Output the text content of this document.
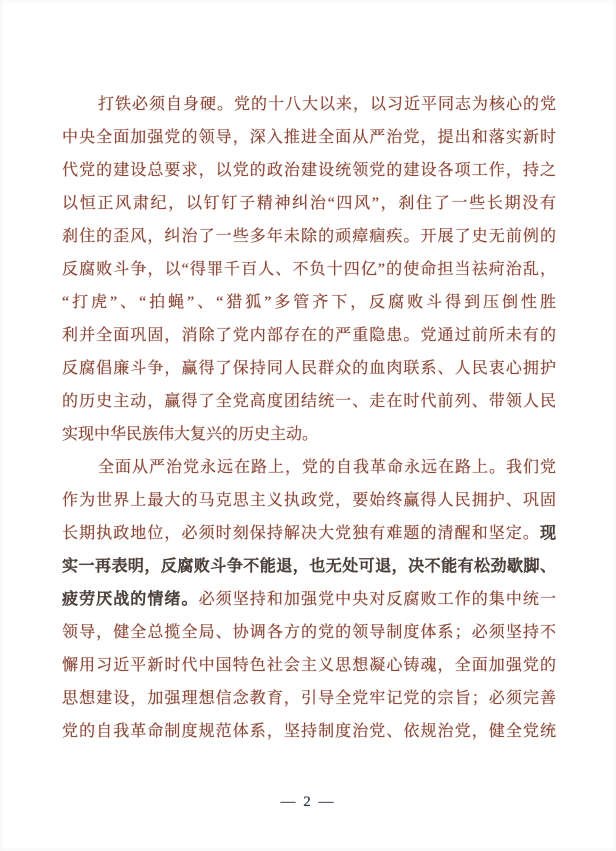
打铁必须自身硬。党的十八大以来，以习近平同志为核心的党
中央全面加强党的领导，深入推进全面从严治党，提出和落实新时
代党的建设总要求，以党的政治建设统领党的建设各项工作，持之
以恒正风肃纪，以钉钉子精神纠治“四风”，刹住了一些长期没有
刹住的歪风，纠治了一些多年未除的顽瘴痼疾。开展了史无前例的
反腐败斗争，以“得罪千百人、不负十四亿”的使命担当祛疴治乱，
“打虎”、“拍蝇”、“猎狐”多管齐下，反腐败斗得到压倒性胜
利并全面巩固，消除了党内部存在的严重隐患。党通过前所未有的
反腐倡廉斗争，赢得了保持同人民群众的血肉联系、人民衷心拥护
的历史主动，赢得了全党高度团结统一、走在时代前列、带领人民
实现中华民族伟大复兴的历史主动。
全面从严治党永远在路上，党的自我革命永远在路上。我们党
作为世界上最大的马克思主义执政党，要始终赢得人民拥护、巩固
长期执政地位，必须时刻保持解决大党独有难题的清醒和坚定。现
实一再表明，反腐败斗争不能退，也无处可退，决不能有松劲歇脚、
疲劳厌战的情绪。必须坚持和加强党中央对反腐败工作的集中统一
领导，健全总揽全局、协调各方的党的领导制度体系；必须坚持不
懈用习近平新时代中国特色社会主义思想凝心铸魂，全面加强党的
思想建设，加强理想信念教育，引导全党牢记党的宗旨；必须完善
党的自我革命制度规范体系，坚持制度治党、依规治党，健全党统
— 2 —
